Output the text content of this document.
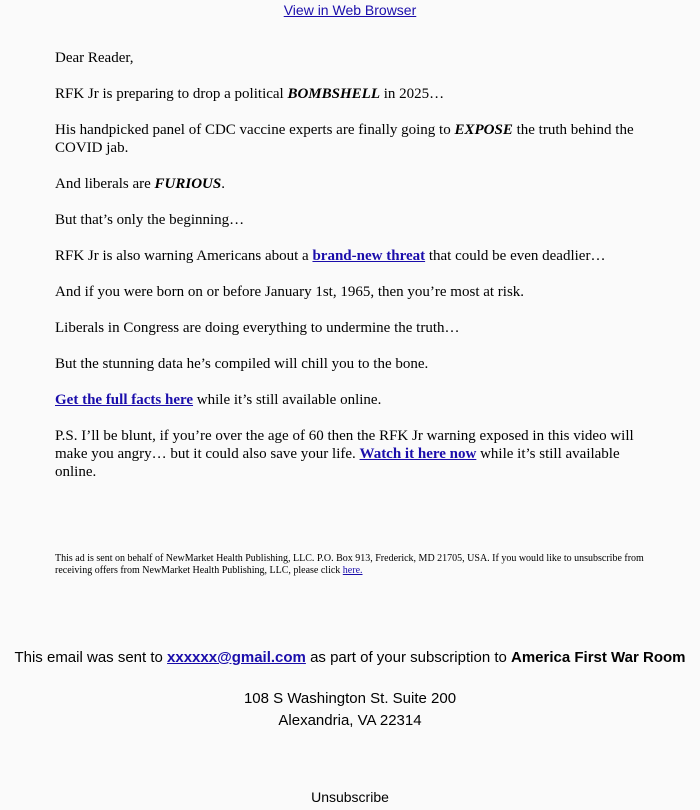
View in Web Browser

Dear Reader,

RFK Jr is preparing to drop a political BOMBSHELL in 2025…

His handpicked panel of CDC vaccine experts are finally going to EXPOSE the truth behind the COVID jab.

And liberals are FURIOUS.

But that’s only the beginning…

RFK Jr is also warning Americans about a brand-new threat that could be even deadlier…

And if you were born on or before January 1st, 1965, then you’re most at risk.

Liberals in Congress are doing everything to undermine the truth…

But the stunning data he’s compiled will chill you to the bone.

Get the full facts here while it’s still available online.

P.S. I’ll be blunt, if you’re over the age of 60 then the RFK Jr warning exposed in this video will make you angry… but it could also save your life. Watch it here now while it’s still available online.

This ad is sent on behalf of NewMarket Health Publishing, LLC. P.O. Box 913, Frederick, MD 21705, USA. If you would like to unsubscribe from receiving offers from NewMarket Health Publishing, LLC, please click here.
This email was sent to xxxxxx@gmail.com as part of your subscription to America First War Room
108 S Washington St. Suite 200
Alexandria, VA 22314
Unsubscribe
